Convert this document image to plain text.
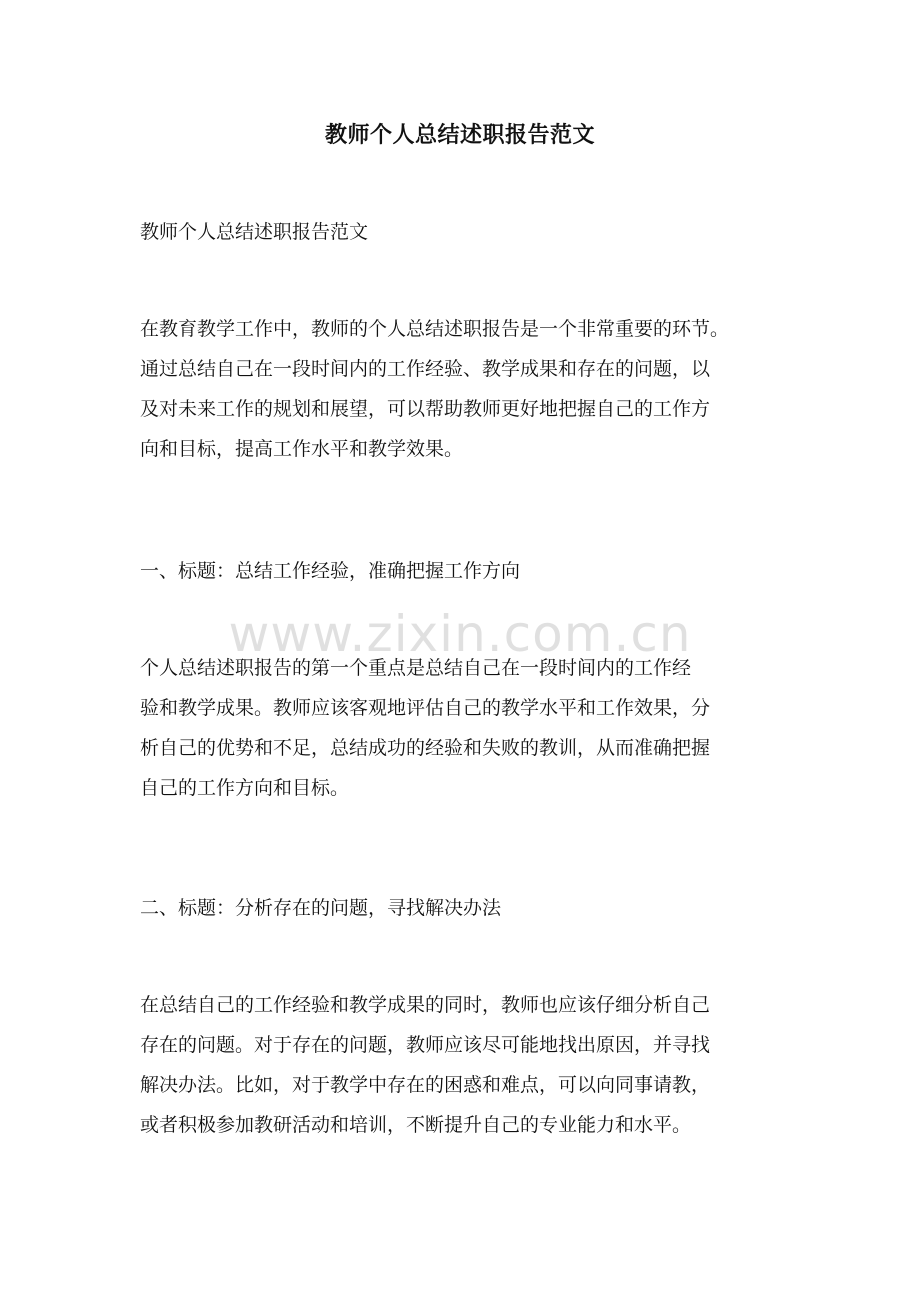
教师个人总结述职报告范文
教师个人总结述职报告范文
在教育教学工作中，教师的个人总结述职报告是一个非常重要的环节。
通过总结自己在一段时间内的工作经验、教学成果和存在的问题，以
及对未来工作的规划和展望，可以帮助教师更好地把握自己的工作方
向和目标，提高工作水平和教学效果。
一、标题：总结工作经验，准确把握工作方向
个人总结述职报告的第一个重点是总结自己在一段时间内的工作经
验和教学成果。教师应该客观地评估自己的教学水平和工作效果，分
析自己的优势和不足，总结成功的经验和失败的教训，从而准确把握
自己的工作方向和目标。
二、标题：分析存在的问题，寻找解决办法
在总结自己的工作经验和教学成果的同时，教师也应该仔细分析自己
存在的问题。对于存在的问题，教师应该尽可能地找出原因，并寻找
解决办法。比如，对于教学中存在的困惑和难点，可以向同事请教，
或者积极参加教研活动和培训，不断提升自己的专业能力和水平。
www.zixin.com.cn
